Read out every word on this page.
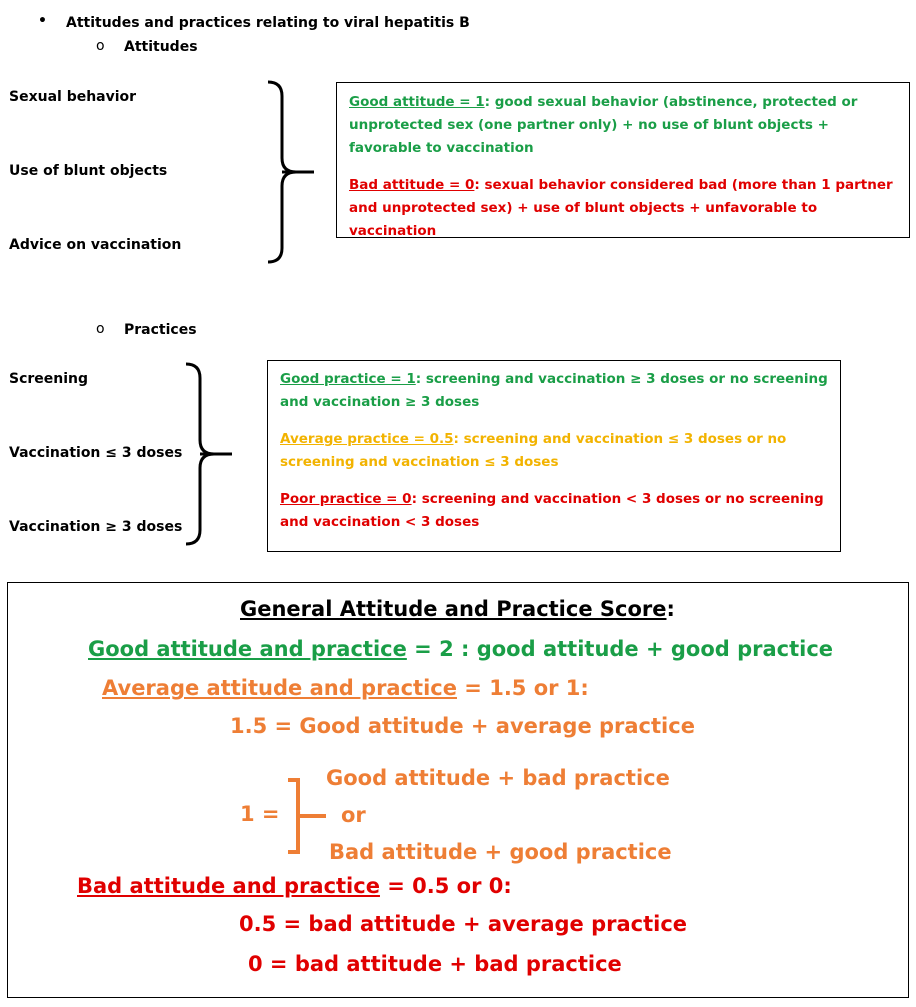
• Attitudes and practices relating to viral hepatitis B
o Attitudes
Sexual behavior
Use of blunt objects
Advice on vaccination

Good attitude = 1: good sexual behavior (abstinence, protected or unprotected sex (one partner only) + no use of blunt objects + favorable to vaccination

Bad attitude = 0: sexual behavior considered bad (more than 1 partner and unprotected sex) + use of blunt objects + unfavorable to vaccination

o Practices
Screening
Vaccination ≤ 3 doses
Vaccination ≥ 3 doses

Good practice = 1: screening and vaccination ≥ 3 doses or no screening and vaccination ≥ 3 doses

Average practice = 0.5: screening and vaccination ≤ 3 doses or no screening and vaccination ≤ 3 doses

Poor practice = 0: screening and vaccination < 3 doses or no screening and vaccination < 3 doses

General Attitude and Practice Score:
Good attitude and practice = 2 : good attitude + good practice
Average attitude and practice = 1.5 or 1:
1.5 = Good attitude + average practice
1 =
Good attitude + bad practice
or
Bad attitude + good practice
Bad attitude and practice = 0.5 or 0:
0.5 = bad attitude + average practice
0 = bad attitude + bad practice
